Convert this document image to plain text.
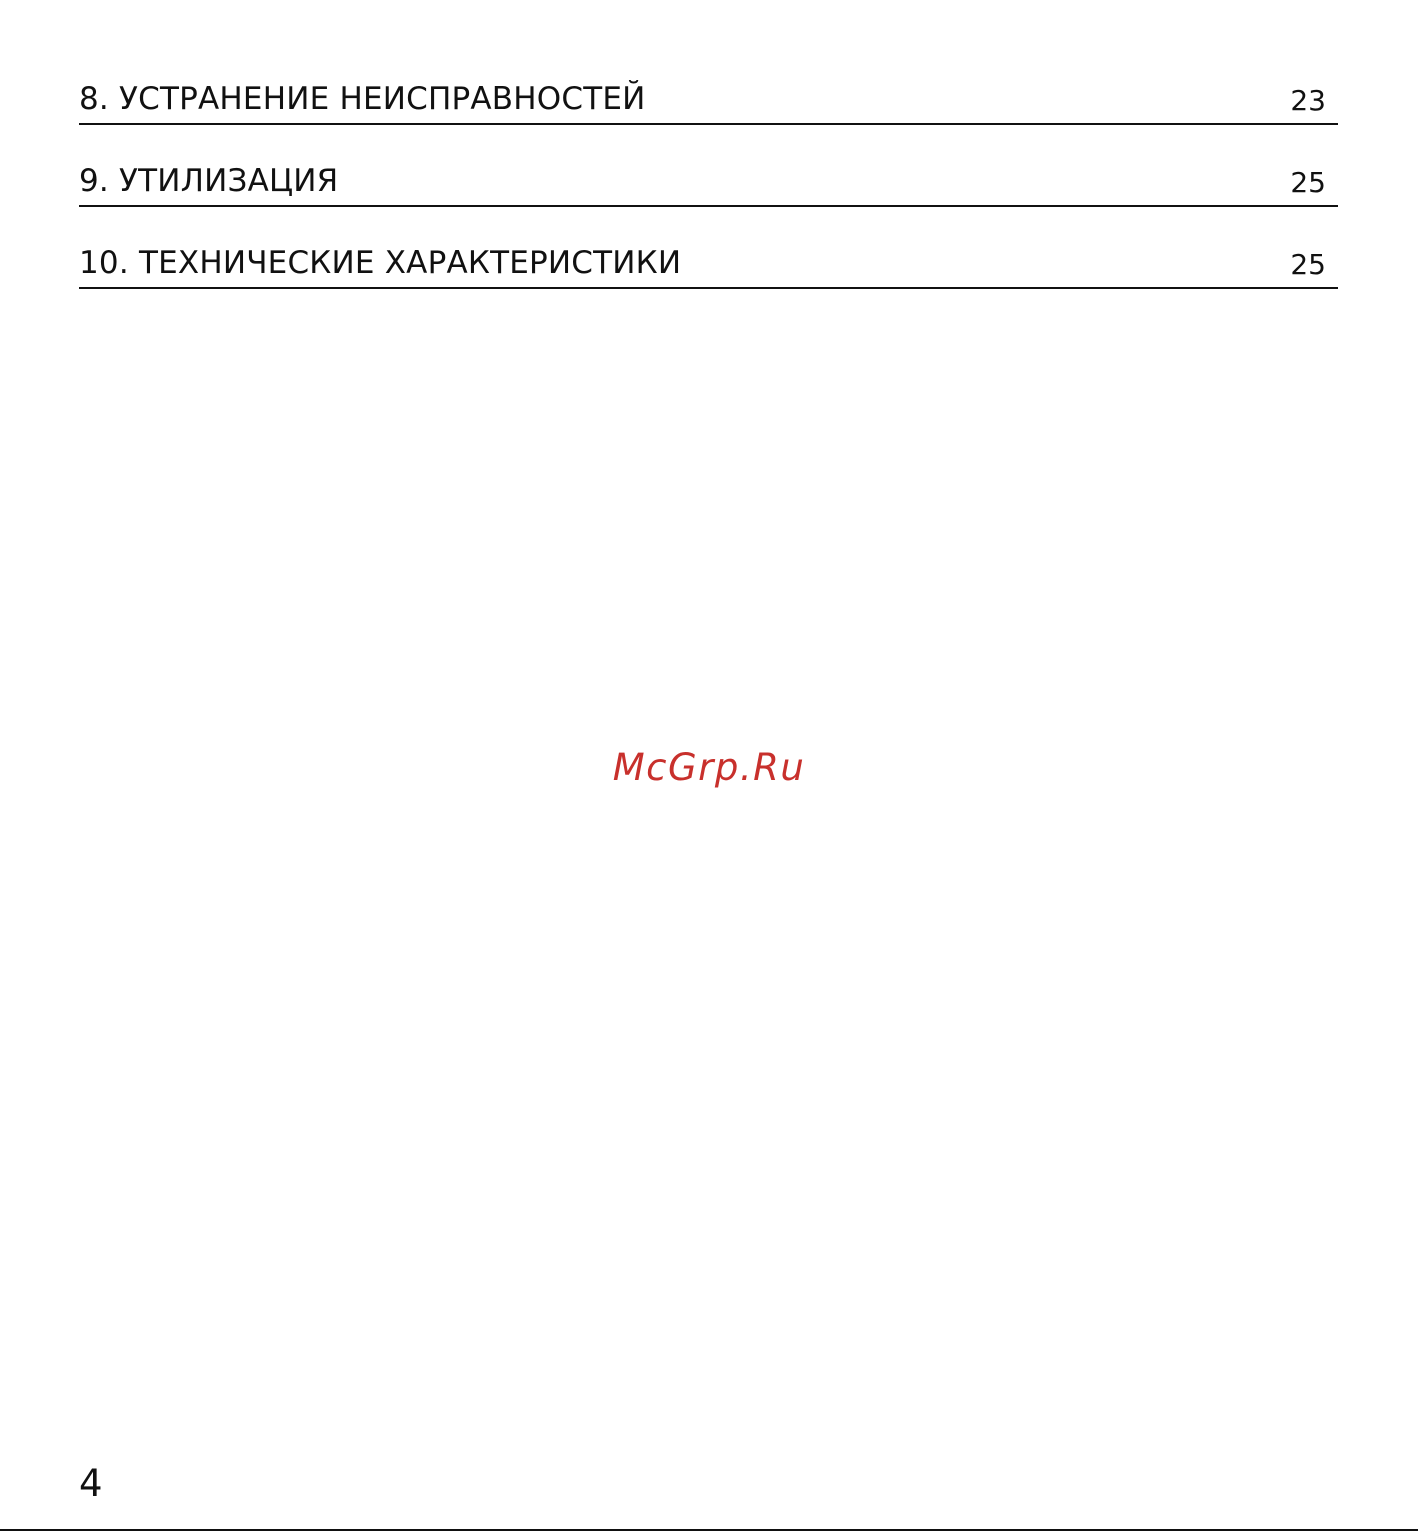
8. УСТРАНЕНИЕ НЕИСПРАВНОСТЕЙ	23
9. УТИЛИЗАЦИЯ	25
10. ТЕХНИЧЕСКИЕ ХАРАКТЕРИСТИКИ	25
McGrp.Ru
4
